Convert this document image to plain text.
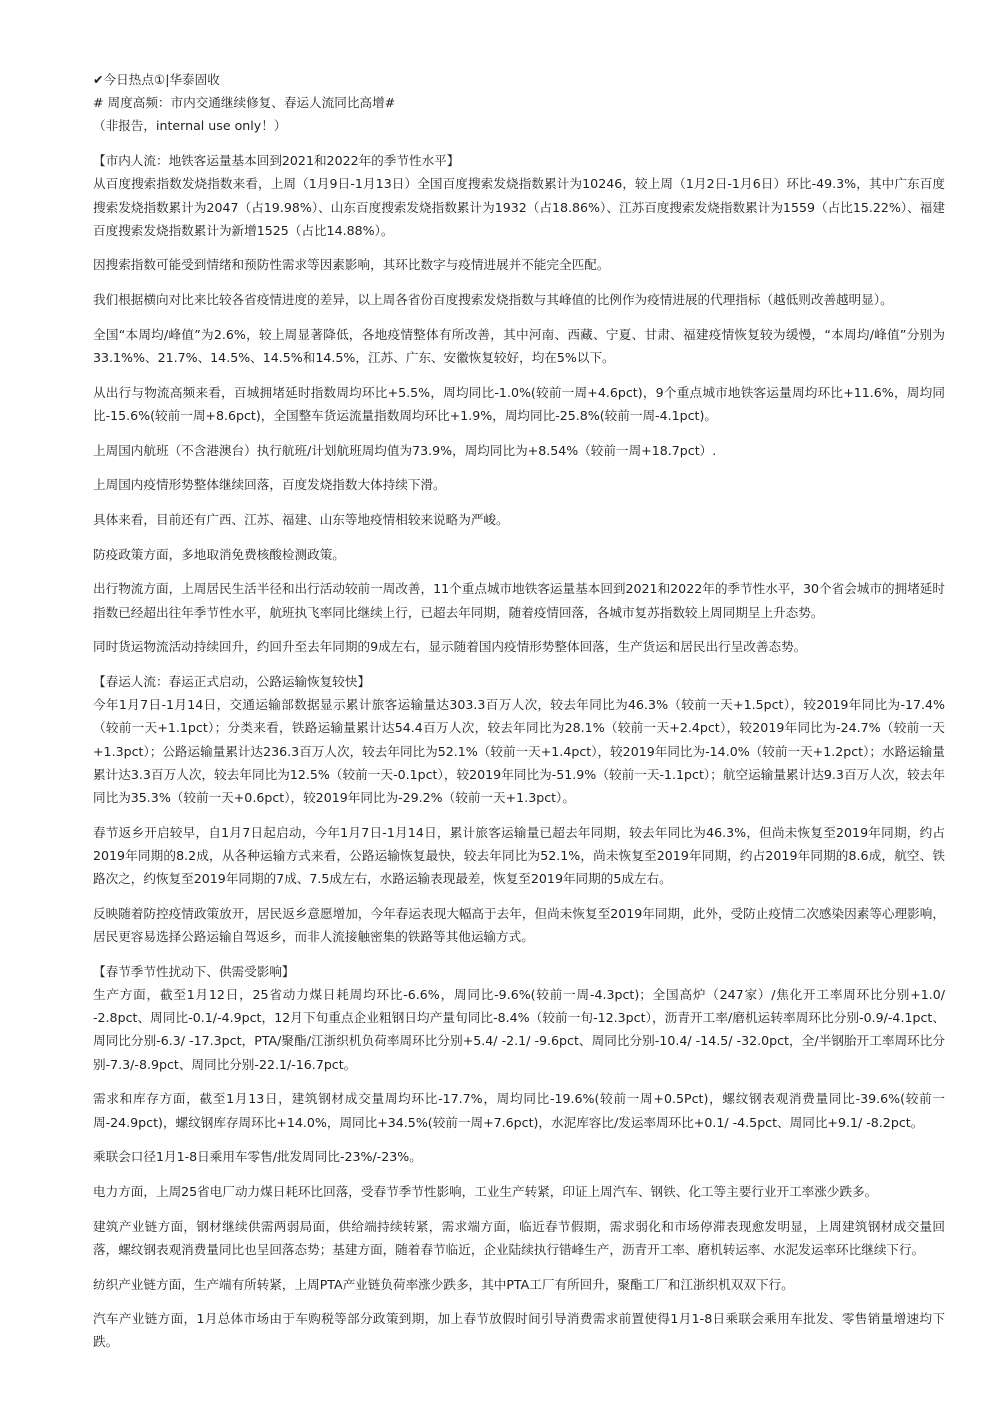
✔今日热点①|华泰固收

# 周度高频：市内交通继续修复、春运人流同比高增#

（非报告，internal use only！）

【市内人流：地铁客运量基本回到2021和2022年的季节性水平】

从百度搜索指数发烧指数来看，上周（1月9日-1月13日）全国百度搜索发烧指数累计为10246，较上周（1月2日-1月6日）环比-49.3%，其中广东百度搜索发烧指数累计为2047（占19.98%）、山东百度搜索发烧指数累计为1932（占18.86%）、江苏百度搜索发烧指数累计为1559（占比15.22%）、福建百度搜索发烧指数累计为新增1525（占比14.88%）。

因搜索指数可能受到情绪和预防性需求等因素影响，其环比数字与疫情进展并不能完全匹配。

我们根据横向对比来比较各省疫情进度的差异，以上周各省份百度搜索发烧指数与其峰值的比例作为疫情进展的代理指标（越低则改善越明显）。

全国“本周均/峰值”为2.6%，较上周显著降低，各地疫情整体有所改善，其中河南、西藏、宁夏、甘肃、福建疫情恢复较为缓慢，“本周均/峰值”分别为33.1%%、21.7%、14.5%、14.5%和14.5%，江苏、广东、安徽恢复较好，均在5%以下。

从出行与物流高频来看，百城拥堵延时指数周均环比+5.5%，周均同比-1.0%(较前一周+4.6pct)，9个重点城市地铁客运量周均环比+11.6%，周均同比-15.6%(较前一周+8.6pct)，全国整车货运流量指数周均环比+1.9%，周均同比-25.8%(较前一周-4.1pct)。

上周国内航班（不含港澳台）执行航班/计划航班周均值为73.9%，周均同比为+8.54%（较前一周+18.7pct）.

上周国内疫情形势整体继续回落，百度发烧指数大体持续下滑。

具体来看，目前还有广西、江苏、福建、山东等地疫情相较来说略为严峻。

防疫政策方面，多地取消免费核酸检测政策。

出行物流方面，上周居民生活半径和出行活动较前一周改善，11个重点城市地铁客运量基本回到2021和2022年的季节性水平，30个省会城市的拥堵延时指数已经超出往年季节性水平，航班执飞率同比继续上行，已超去年同期，随着疫情回落，各城市复苏指数较上周同期呈上升态势。

同时货运物流活动持续回升，约回升至去年同期的9成左右，显示随着国内疫情形势整体回落，生产货运和居民出行呈改善态势。

【春运人流：春运正式启动，公路运输恢复较快】

今年1月7日-1月14日，交通运输部数据显示累计旅客运输量达303.3百万人次，较去年同比为46.3%（较前一天+1.5pct），较2019年同比为-17.4%（较前一天+1.1pct）；分类来看，铁路运输量累计达54.4百万人次，较去年同比为28.1%（较前一天+2.4pct），较2019年同比为-24.7%（较前一天+1.3pct）；公路运输量累计达236.3百万人次，较去年同比为52.1%（较前一天+1.4pct），较2019年同比为-14.0%（较前一天+1.2pct）；水路运输量累计达3.3百万人次，较去年同比为12.5%（较前一天-0.1pct），较2019年同比为-51.9%（较前一天-1.1pct）；航空运输量累计达9.3百万人次，较去年同比为35.3%（较前一天+0.6pct），较2019年同比为-29.2%（较前一天+1.3pct）。

春节返乡开启较早，自1月7日起启动，今年1月7日-1月14日，累计旅客运输量已超去年同期，较去年同比为46.3%，但尚未恢复至2019年同期，约占2019年同期的8.2成，从各种运输方式来看，公路运输恢复最快，较去年同比为52.1%，尚未恢复至2019年同期，约占2019年同期的8.6成，航空、铁路次之，约恢复至2019年同期的7成、7.5成左右，水路运输表现最差，恢复至2019年同期的5成左右。

反映随着防控疫情政策放开，居民返乡意愿增加，今年春运表现大幅高于去年，但尚未恢复至2019年同期，此外，受防止疫情二次感染因素等心理影响，居民更容易选择公路运输自驾返乡，而非人流接触密集的铁路等其他运输方式。

【春节季节性扰动下、供需受影响】

生产方面，截至1月12日，25省动力煤日耗周均环比-6.6%，周同比-9.6%(较前一周-4.3pct)；全国高炉（247家）/焦化开工率周环比分别+1.0/ -2.8pct、周同比-0.1/-4.9pct，12月下旬重点企业粗钢日均产量旬同比-8.4%（较前一旬-12.3pct），沥青开工率/磨机运转率周环比分别-0.9/-4.1pct、周同比分别-6.3/ -17.3pct，PTA/聚酯/江浙织机负荷率周环比分别+5.4/ -2.1/ -9.6pct、周同比分别-10.4/ -14.5/ -32.0pct，全/半钢胎开工率周环比分别-7.3/-8.9pct、周同比分别-22.1/-16.7pct。

需求和库存方面，截至1月13日，建筑钢材成交量周均环比-17.7%，周均同比-19.6%(较前一周+0.5Pct)，螺纹钢表观消费量同比-39.6%(较前一周-24.9pct)，螺纹钢库存周环比+14.0%，周同比+34.5%(较前一周+7.6pct)，水泥库容比/发运率周环比+0.1/ -4.5pct、周同比+9.1/ -8.2pct。

乘联会口径1月1-8日乘用车零售/批发周同比-23%/-23%。

电力方面，上周25省电厂动力煤日耗环比回落，受春节季节性影响，工业生产转紧，印证上周汽车、钢铁、化工等主要行业开工率涨少跌多。

建筑产业链方面，钢材继续供需两弱局面，供给端持续转紧，需求端方面，临近春节假期，需求弱化和市场停滞表现愈发明显，上周建筑钢材成交量回落，螺纹钢表观消费量同比也呈回落态势；基建方面，随着春节临近，企业陆续执行错峰生产，沥青开工率、磨机转运率、水泥发运率环比继续下行。

纺织产业链方面，生产端有所转紧，上周PTA产业链负荷率涨少跌多，其中PTA工厂有所回升，聚酯工厂和江浙织机双双下行。

汽车产业链方面，1月总体市场由于车购税等部分政策到期，加上春节放假时间引导消费需求前置使得1月1-8日乘联会乘用车批发、零售销量增速均下跌。
